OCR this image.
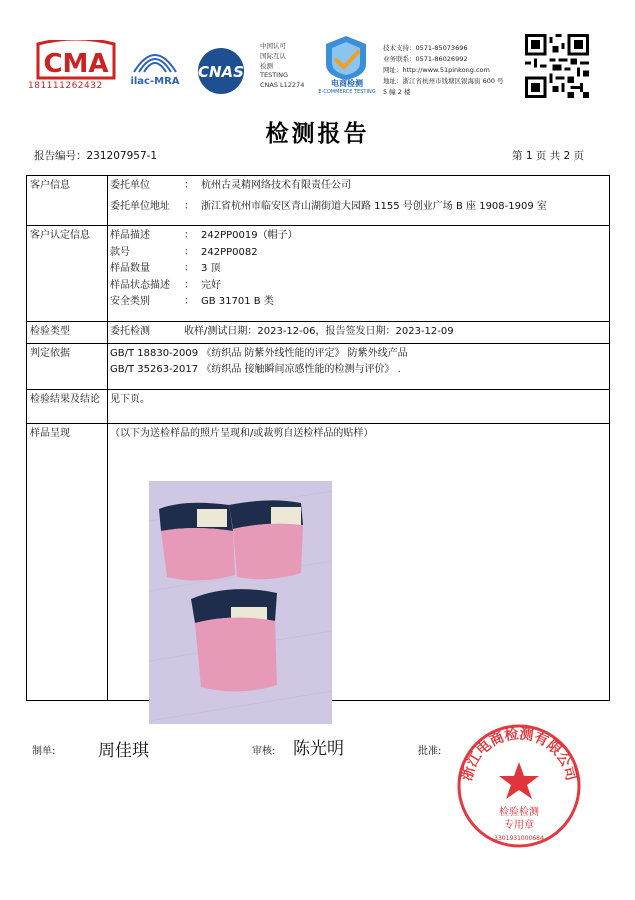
CMA
181111262432	ilac-MRA
CNAS
中国认可
国际互认
检测
TESTING
CNAS L12274	电商检测
E-COMMERCE TESTING
技术支持：0571-85073696
业务联系：0571-86026992
网址：http://www.51pinkong.com
地址：浙江省杭州市钱塘区银海街 600 号
5 幢 2 楼
检测报告
报告编号：231207957-1	第 1 页 共 2 页
客户信息	委托单位	： 杭州古灵精网络技术有限责任公司
委托单位地址	： 浙江省杭州市临安区青山湖街道大园路 1155 号创业广场 B 座 1908-1909 室
客户认定信息	样品描述	： 242PP0019（帽子）
款号	： 242PP0082
样品数量	： 3 顶
样品状态描述	： 完好
安全类别	： GB 31701 B 类
检验类型	委托检测	收样/测试日期：2023-12-06，报告签发日期：2023-12-09
判定依据	GB/T 18830-2009 《纺织品 防紫外线性能的评定》 防紫外线产品
GB/T 35263-2017 《纺织品 接触瞬间凉感性能的检测与评价》 .
检验结果及结论	见下页。
样品呈现	（以下为送检样品的照片呈现和/或裁剪自送检样品的贴样）
制单:	周佳琪	审核: 陈光明	批准:
浙江电商检测有限公司
检验检测
专用章
3301931000684
